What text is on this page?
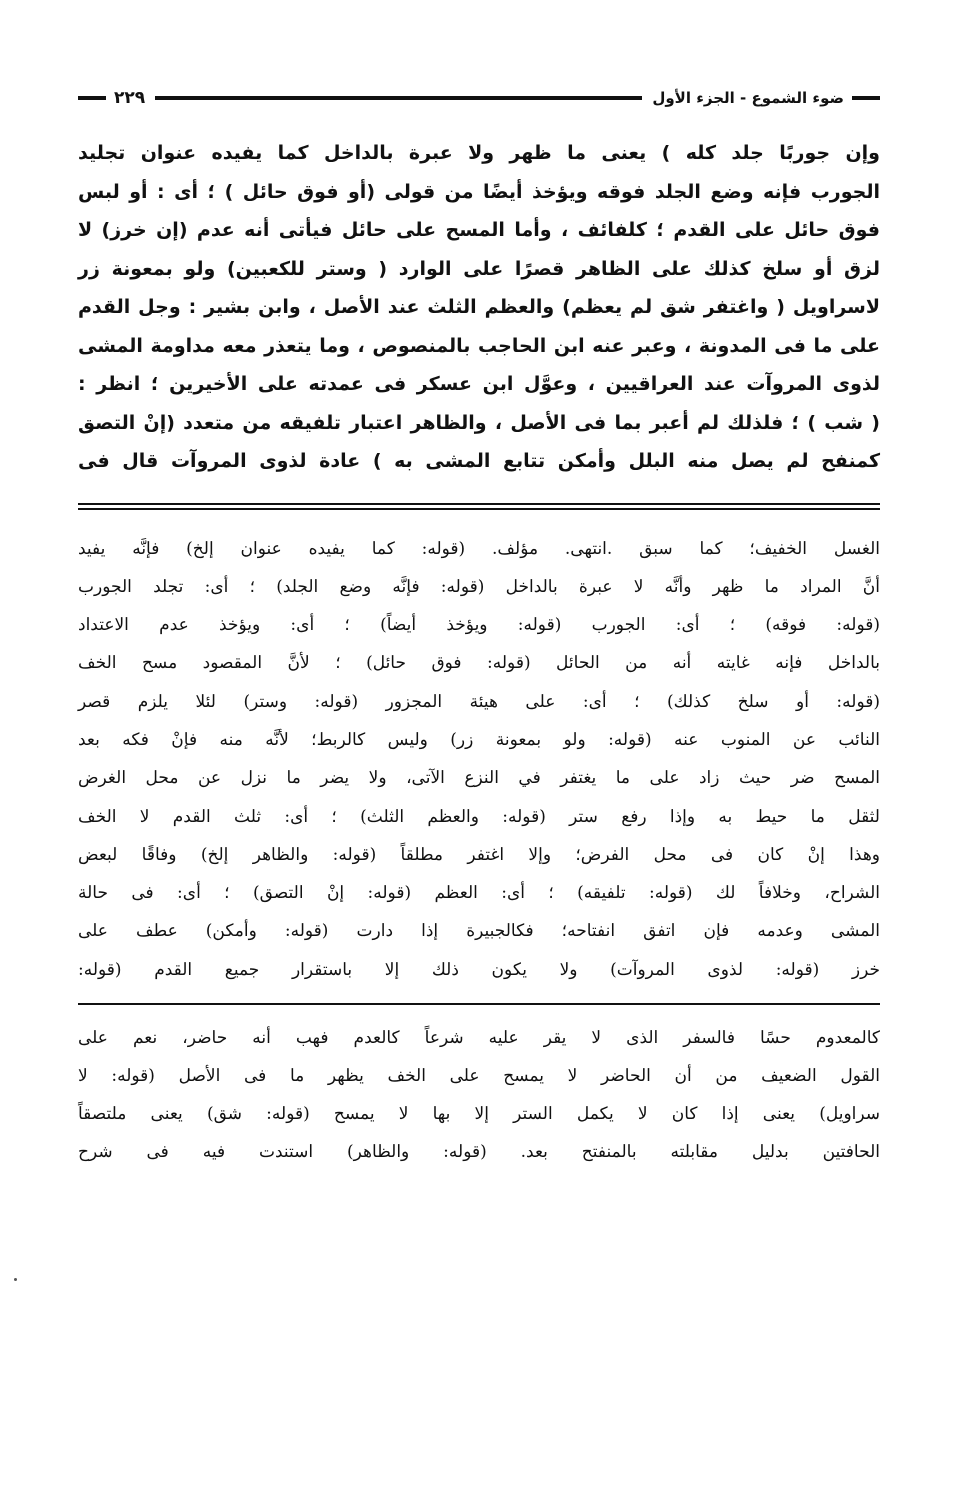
ضوء الشموع - الجزء الأول
٢٢٩

وإن جوربًا جلد كله ) يعنى ما ظهر ولا عبرة بالداخل كما يفيده عنوان تجليد

الجورب فإنه وضع الجلد فوقه ويؤخذ أيضًا من قولى (أو فوق حائل ) ؛ أى : أو لبس

فوق حائل على القدم ؛ كلفائف ، وأما المسح على حائل فيأتى أنه عدم (إن خرز) لا

لزق أو سلخ كذلك على الظاهر قصرًا على الوارد ( وستر للكعبين) ولو بمعونة زر

لاسراويل ( واغتفر شق لم يعظم) والعظم الثلث عند الأصل ، وابن بشير : وجل القدم

على ما فى المدونة ، وعبر عنه ابن الحاجب بالمنصوص ، وما يتعذر معه مداومة المشى

لذوى المروآت عند العراقيين ، وعوَّل ابن عسكر فى عمدته على الأخيرين ؛ انظر :

( شب ) ؛ فلذلك لم أعبر بما فى الأصل ، والظاهر اعتبار تلفيقه من متعدد (إنْ التصق

كمنفح لم يصل منه البلل وأمكن تتابع المشى به ) عادة لذوى المروآت قال فى

الغسل الخفيف؛ كما سبق .انتهى. مؤلف. (قوله: كما يفيده عنوان إلخ) فإنَّه يفيد

أنَّ المراد ما ظهر وأنَّه لا عبرة بالداخل (قوله: فإنَّه وضع الجلد) ؛ أى: تجلد الجورب

(قوله: فوقه) ؛ أى: الجورب (قوله: ويؤخذ أيضاً) ؛ أى: ويؤخذ عدم الاعتداد

بالداخل فإنه غايته أنه من الحائل (قوله: فوق حائل) ؛ لأنَّ المقصود مسح الخف

(قوله: أو سلخ كذلك) ؛ أى: على هيئة المجزور (قوله: وستر) لئلا يلزم قصر

النائب عن المنوب عنه (قوله: ولو بمعونة زر) وليس كالربط؛ لأنَّه منه فإنْ فكه بعد

المسح ضر حيث زاد على ما يغتفر في النزع الآتى، ولا يضر ما نزل عن محل الغرض

لثقل ما حيط به وإذا رفع ستر (قوله: والعظم الثلث) ؛ أى: ثلث القدم لا الخف

وهذا إنْ كان فى محل الفرض؛ وإلا اغتفر مطلقاً (قوله: والظاهر إلخ) وفاقًا لبعض

الشراح، وخلافاً لك (قوله: تلفيقه) ؛ أى: العظم (قوله: إنْ التصق) ؛ أى: فى حالة

المشى وعدمه فإن اتفق انفتاحه؛ فكالجبيرة إذا دارت (قوله: وأمكن) عطف على

خرز (قوله: لذوى المروآت) ولا يكون ذلك إلا باستقرار جميع القدم (قوله:

كالمعدوم حسًا فالسفر الذى لا يقر عليه شرعاً كالعدم فهب أنه حاضر، نعم على

القول الضعيف من أن الحاضر لا يمسح على الخف يظهر ما فى الأصل (قوله: لا

سراويل) يعنى إذا كان لا يكمل الستر إلا بها لا يمسح (قوله: شق) يعنى ملتصقاً

الحافتين بدليل مقابلته بالمنفتح بعد. (قوله: والظاهر) استندت فيه فى شرح
